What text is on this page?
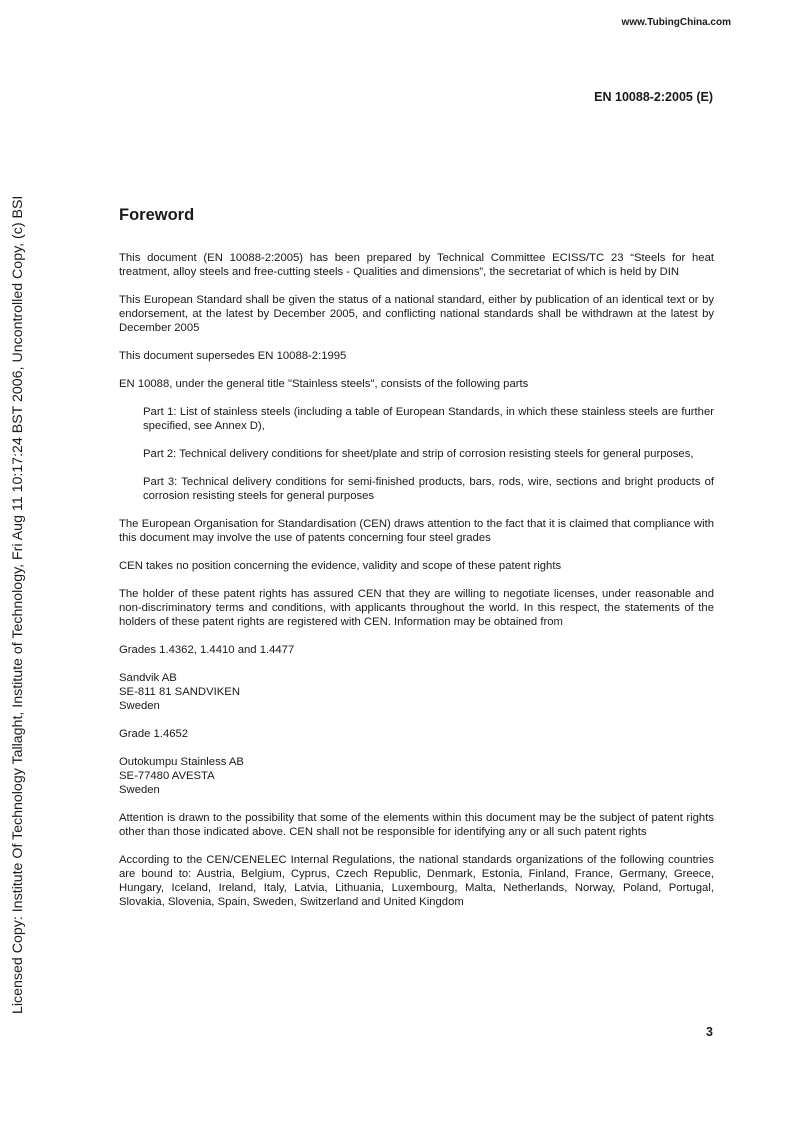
www.TubingChina.com
EN 10088-2:2005 (E)
Licensed Copy: Institute Of Technology Tallaght, Institute of Technology, Fri Aug 11 10:17:24 BST 2006, Uncontrolled Copy, (c) BSI	Foreword

This document (EN 10088-2:2005) has been prepared by Technical Committee ECISS/TC 23 “Steels for heat treatment, alloy steels and free-cutting steels - Qualities and dimensions”, the secretariat of which is held by DIN

This European Standard shall be given the status of a national standard, either by publication of an identical text or by endorsement, at the latest by December 2005, and conflicting national standards shall be withdrawn at the latest by December 2005

This document supersedes EN 10088-2:1995

EN 10088, under the general title "Stainless steels", consists of the following parts

Part 1: List of stainless steels (including a table of European Standards, in which these stainless steels are further specified, see Annex D),

Part 2: Technical delivery conditions for sheet/plate and strip of corrosion resisting steels for general purposes,

Part 3: Technical delivery conditions for semi-finished products, bars, rods, wire, sections and bright products of corrosion resisting steels for general purposes

The European Organisation for Standardisation (CEN) draws attention to the fact that it is claimed that compliance with this document may involve the use of patents concerning four steel grades

CEN takes no position concerning the evidence, validity and scope of these patent rights

The holder of these patent rights has assured CEN that they are willing to negotiate licenses, under reasonable and non-discriminatory terms and conditions, with applicants throughout the world. In this respect, the statements of the holders of these patent rights are registered with CEN. Information may be obtained from

Grades 1.4362, 1.4410 and 1.4477

Sandvik AB
SE-811 81 SANDVIKEN
Sweden

Grade 1.4652

Outokumpu Stainless AB
SE-77480 AVESTA
Sweden

Attention is drawn to the possibility that some of the elements within this document may be the subject of patent rights other than those indicated above. CEN shall not be responsible for identifying any or all such patent rights

According to the CEN/CENELEC Internal Regulations, the national standards organizations of the following countries are bound to: Austria, Belgium, Cyprus, Czech Republic, Denmark, Estonia, Finland, France, Germany, Greece, Hungary, Iceland, Ireland, Italy, Latvia, Lithuania, Luxembourg, Malta, Netherlands, Norway, Poland, Portugal, Slovakia, Slovenia, Spain, Sweden, Switzerland and United Kingdom

3
